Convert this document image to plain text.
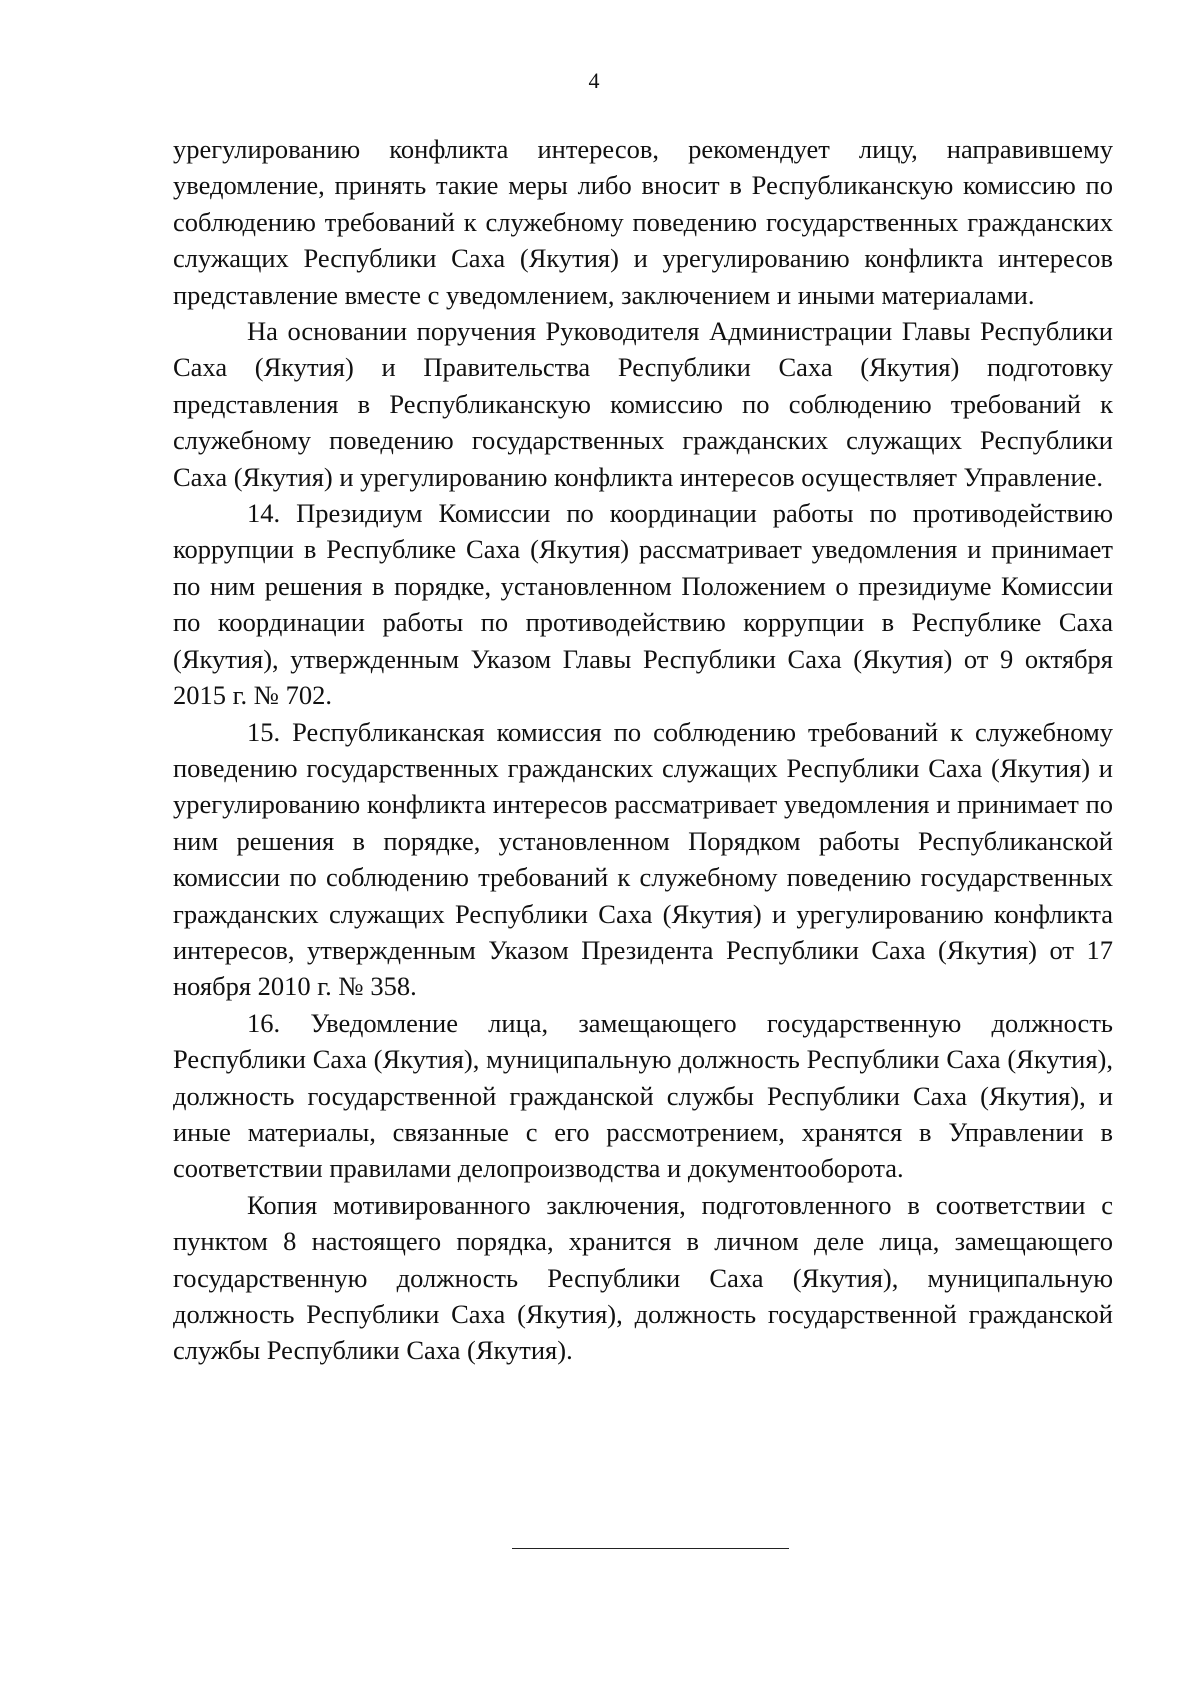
4

урегулированию конфликта интересов, рекомендует лицу, направившему уведомление, принять такие меры либо вносит в Республиканскую комиссию по соблюдению требований к служебному поведению государственных гражданских служащих Республики Саха (Якутия) и урегулированию конфликта интересов представление вместе с уведомлением, заключением и иными материалами.

На основании поручения Руководителя Администрации Главы Республики Саха (Якутия) и Правительства Республики Саха (Якутия) подготовку представления в Республиканскую комиссию по соблюдению требований к служебному поведению государственных гражданских служащих Республики Саха (Якутия) и урегулированию конфликта интересов осуществляет Управление.

14. Президиум Комиссии по координации работы по противодействию коррупции в Республике Саха (Якутия) рассматривает уведомления и принимает по ним решения в порядке, установленном Положением о президиуме Комиссии по координации работы по противодействию коррупции в Республике Саха (Якутия), утвержденным Указом Главы Республики Саха (Якутия) от 9 октября 2015 г. № 702.

15. Республиканская комиссия по соблюдению требований к служебному поведению государственных гражданских служащих Республики Саха (Якутия) и урегулированию конфликта интересов рассматривает уведомления и принимает по ним решения в порядке, установленном Порядком работы Республиканской комиссии по соблюдению требований к служебному поведению государственных гражданских служащих Республики Саха (Якутия) и урегулированию конфликта интересов, утвержденным Указом Президента Республики Саха (Якутия) от 17 ноября 2010 г. № 358.

16. Уведомление лица, замещающего государственную должность Республики Саха (Якутия), муниципальную должность Республики Саха (Якутия), должность государственной гражданской службы Республики Саха (Якутия), и иные материалы, связанные с его рассмотрением, хранятся в Управлении в соответствии правилами делопроизводства и документооборота.

Копия мотивированного заключения, подготовленного в соответствии с пунктом 8 настоящего порядка, хранится в личном деле лица, замещающего государственную должность Республики Саха (Якутия), муниципальную должность Республики Саха (Якутия), должность государственной гражданской службы Республики Саха (Якутия).
